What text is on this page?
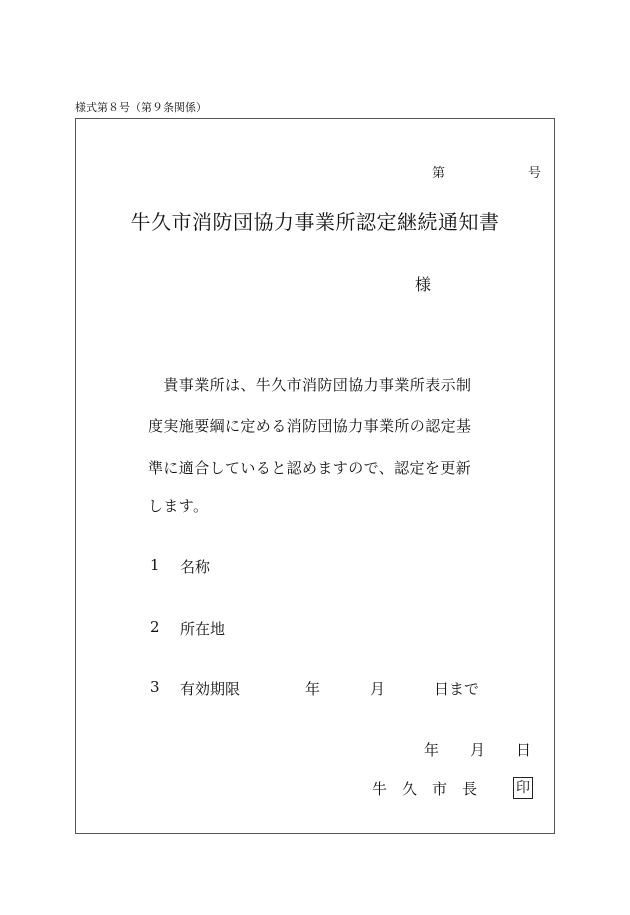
様式第８号（第９条関係）
第	号
牛久市消防団協力事業所認定継続通知書
様
　貴事業所は、牛久市消防団協力事業所表示制
度実施要綱に定める消防団協力事業所の認定基
準に適合していると認めますので、認定を更新
します。
1 名称
2 所在地
3 有効期限	年	月	日まで
年 月 日
牛久市長 印
